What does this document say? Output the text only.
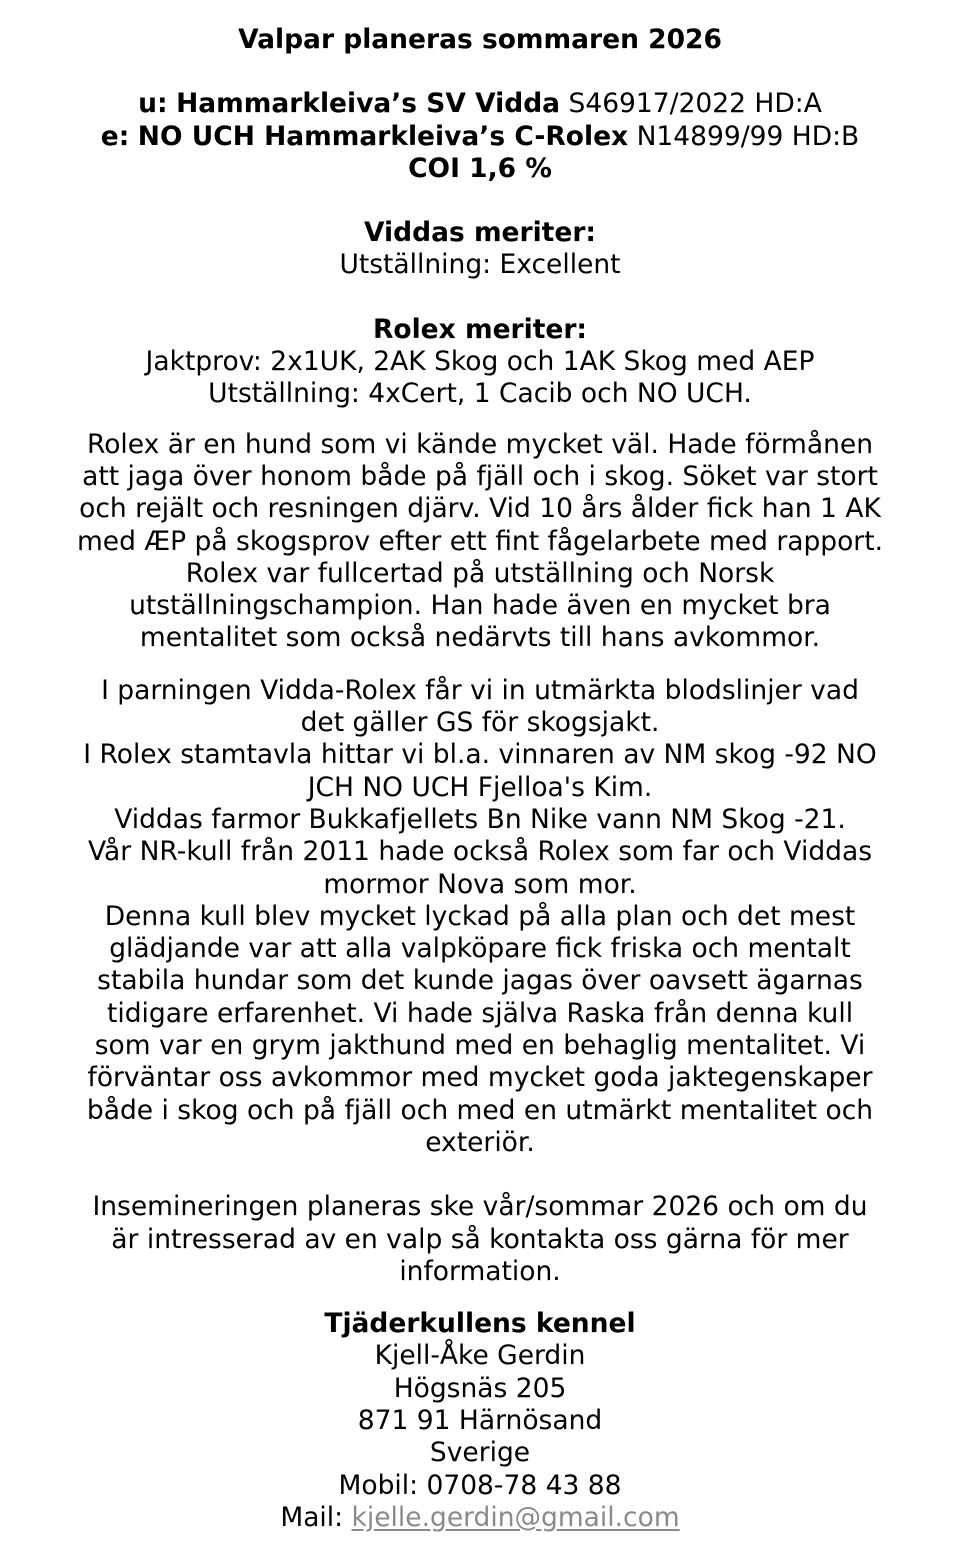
Valpar planeras sommaren 2026
u: Hammarkleiva’s SV Vidda S46917/2022 HD:A
e: NO UCH Hammarkleiva’s C-Rolex N14899/99 HD:B
COI 1,6 %
Viddas meriter:
Utställning: Excellent
Rolex meriter:
Jaktprov: 2x1UK, 2AK Skog och 1AK Skog med AEP
Utställning: 4xCert, 1 Cacib och NO UCH.
Rolex är en hund som vi kände mycket väl. Hade förmånen
att jaga över honom både på fjäll och i skog. Söket var stort
och rejält och resningen djärv. Vid 10 års ålder fick han 1 AK
med ÆP på skogsprov efter ett fint fågelarbete med rapport.
Rolex var fullcertad på utställning och Norsk
utställningschampion. Han hade även en mycket bra
mentalitet som också nedärvts till hans avkommor.
I parningen Vidda-Rolex får vi in utmärkta blodslinjer vad
det gäller GS för skogsjakt.
I Rolex stamtavla hittar vi bl.a. vinnaren av NM skog -92 NO
JCH NO UCH Fjelloa's Kim.
Viddas farmor Bukkafjellets Bn Nike vann NM Skog -21.
Vår NR-kull från 2011 hade också Rolex som far och Viddas
mormor Nova som mor.
Denna kull blev mycket lyckad på alla plan och det mest
glädjande var att alla valpköpare fick friska och mentalt
stabila hundar som det kunde jagas över oavsett ägarnas
tidigare erfarenhet. Vi hade själva Raska från denna kull
som var en grym jakthund med en behaglig mentalitet. Vi
förväntar oss avkommor med mycket goda jaktegenskaper
både i skog och på fjäll och med en utmärkt mentalitet och
exteriör.
Insemineringen planeras ske vår/sommar 2026 och om du
är intresserad av en valp så kontakta oss gärna för mer
information.
Tjäderkullens kennel
Kjell-Åke Gerdin
Högsnäs 205
871 91 Härnösand
Sverige
Mobil: 0708-78 43 88
Mail: kjelle.gerdin@gmail.com
